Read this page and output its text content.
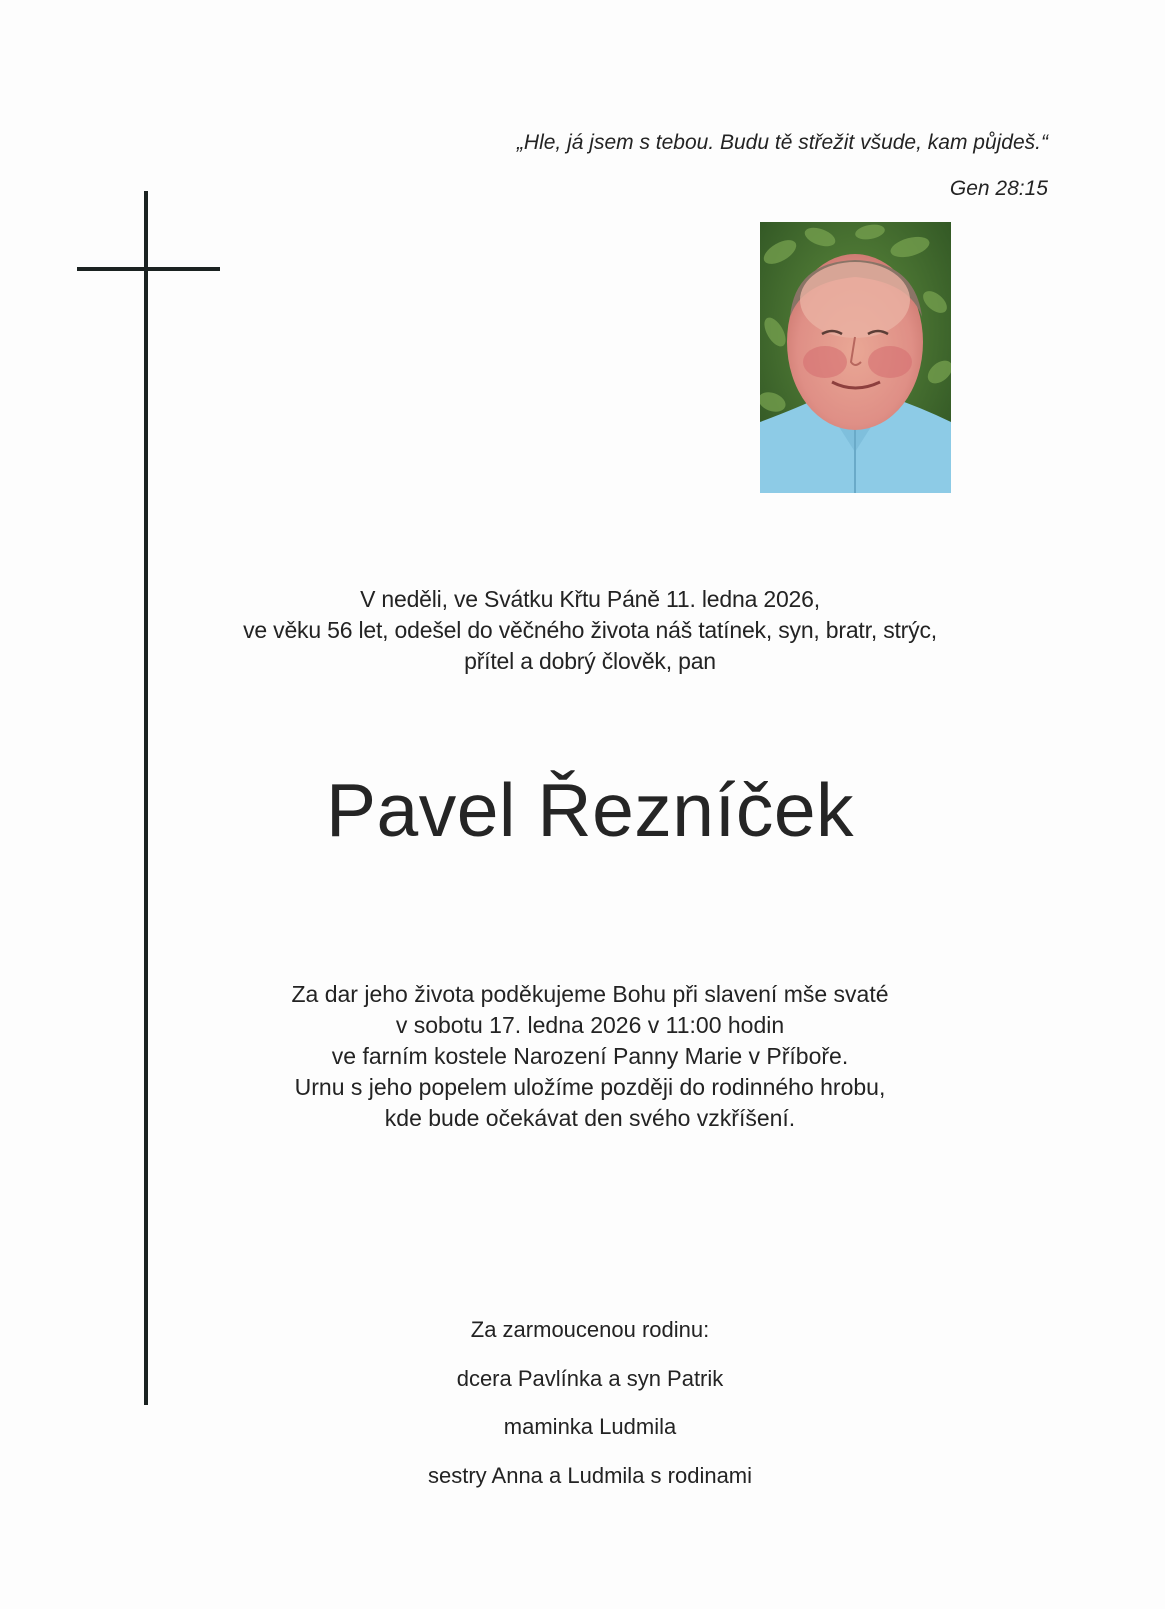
„Hle, já jsem s tebou. Budu tě střežit všude, kam půjdeš.“
Gen 28:15
V neděli, ve Svátku Křtu Páně 11. ledna 2026,
ve věku 56 let, odešel do věčného života náš tatínek, syn, bratr, strýc,
přítel a dobrý člověk, pan
Pavel Řezníček
Za dar jeho života poděkujeme Bohu při slavení mše svaté
v sobotu 17. ledna 2026 v 11:00 hodin
ve farním kostele Narození Panny Marie v Příboře.
Urnu s jeho popelem uložíme později do rodinného hrobu,
kde bude očekávat den svého vzkříšení.
Za zarmoucenou rodinu:
dcera Pavlínka a syn Patrik
maminka Ludmila
sestry Anna a Ludmila s rodinami
